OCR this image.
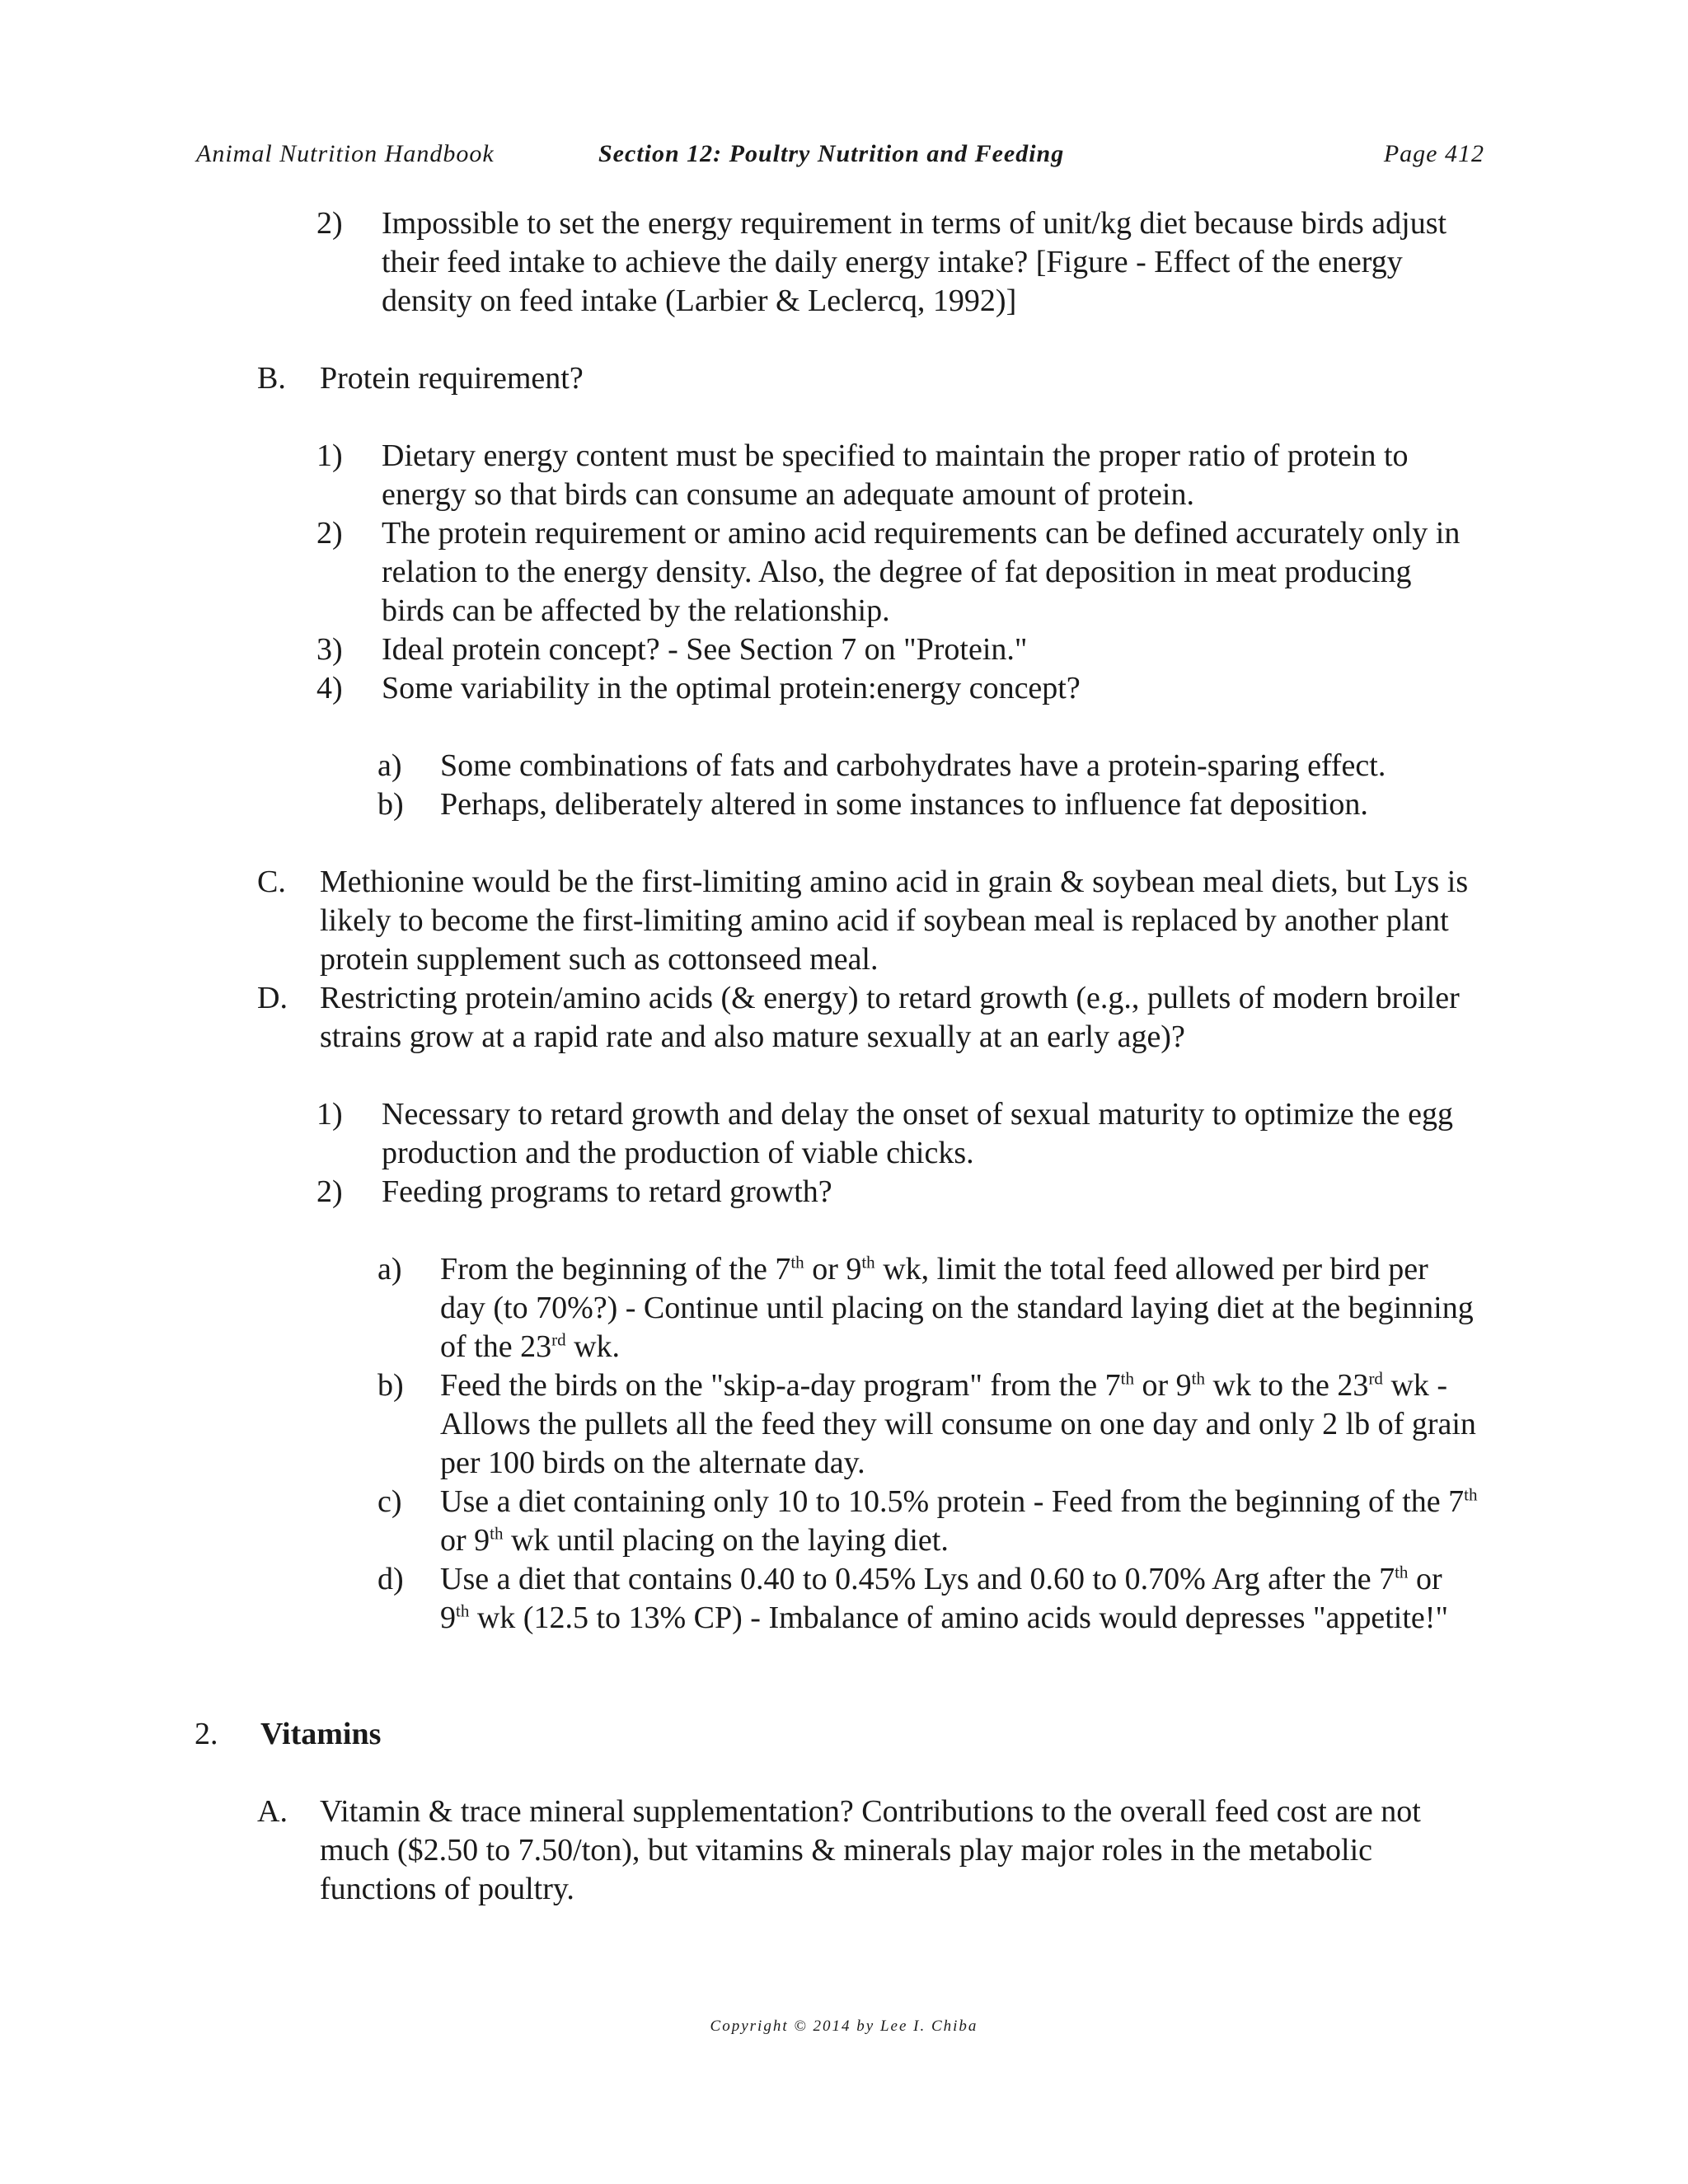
Animal Nutrition Handbook	Section 12: Poultry Nutrition and Feeding	Page 412
2)	Impossible to set the energy requirement in terms of unit/kg diet because birds adjust their feed intake to achieve the daily energy intake? [Figure - Effect of the energy density on feed intake (Larbier & Leclercq, 1992)]
B.	Protein requirement?
1)	Dietary energy content must be specified to maintain the proper ratio of protein to energy so that birds can consume an adequate amount of protein.
2)	The protein requirement or amino acid requirements can be defined accurately only in relation to the energy density. Also, the degree of fat deposition in meat producing birds can be affected by the relationship.
3)	Ideal protein concept? - See Section 7 on "Protein."
4)	Some variability in the optimal protein:energy concept?
a)	Some combinations of fats and carbohydrates have a protein-sparing effect.
b)	Perhaps, deliberately altered in some instances to influence fat deposition.
C.	Methionine would be the first-limiting amino acid in grain & soybean meal diets, but Lys is likely to become the first-limiting amino acid if soybean meal is replaced by another plant protein supplement such as cottonseed meal.
D.	Restricting protein/amino acids (& energy) to retard growth (e.g., pullets of modern broiler strains grow at a rapid rate and also mature sexually at an early age)?
1)	Necessary to retard growth and delay the onset of sexual maturity to optimize the egg production and the production of viable chicks.
2)	Feeding programs to retard growth?
a)	From the beginning of the 7th or 9th wk, limit the total feed allowed per bird per day (to 70%?) - Continue until placing on the standard laying diet at the beginning of the 23rd wk.
b)	Feed the birds on the "skip-a-day program" from the 7th or 9th wk to the 23rd wk - Allows the pullets all the feed they will consume on one day and only 2 lb of grain per 100 birds on the alternate day.
c)	Use a diet containing only 10 to 10.5% protein - Feed from the beginning of the 7th or 9th wk until placing on the laying diet.
d)	Use a diet that contains 0.40 to 0.45% Lys and 0.60 to 0.70% Arg after the 7th or 9th wk (12.5 to 13% CP) - Imbalance of amino acids would depresses "appetite!"
2.	Vitamins
A.	Vitamin & trace mineral supplementation? Contributions to the overall feed cost are not much ($2.50 to 7.50/ton), but vitamins & minerals play major roles in the metabolic functions of poultry.
Copyright © 2014 by Lee I. Chiba
